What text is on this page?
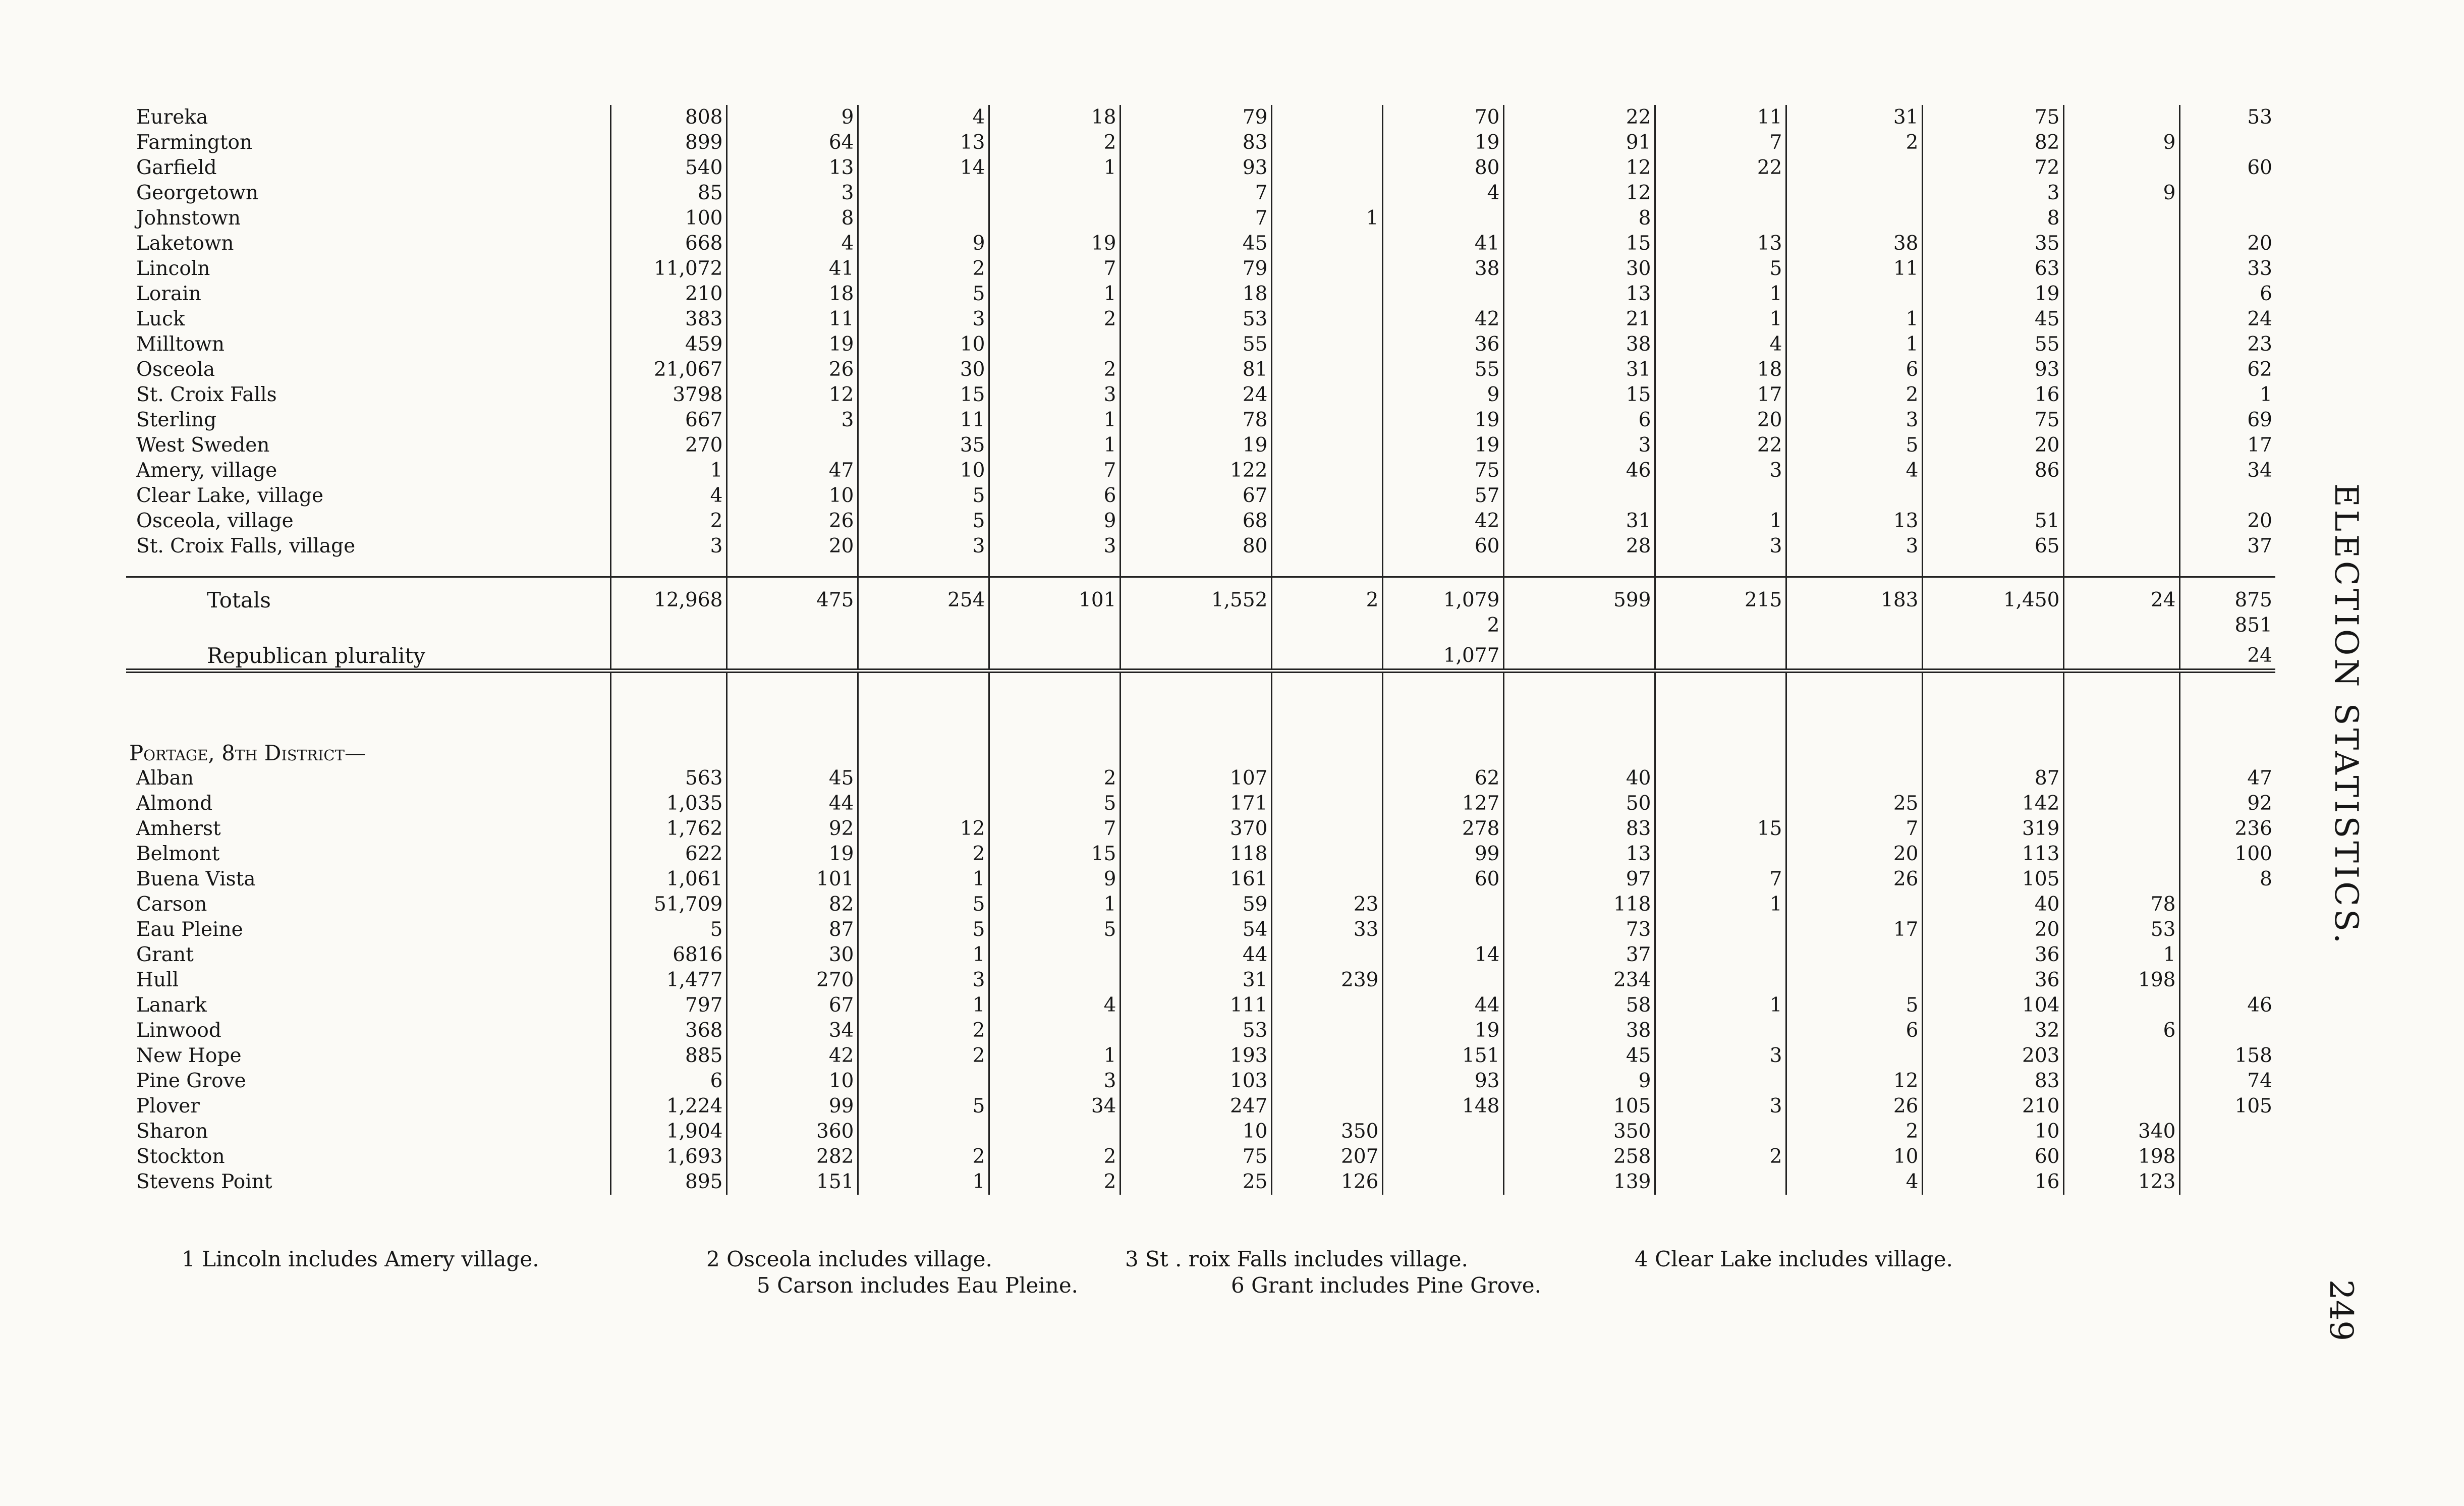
Eureka	808	9	4	18	79		70	22	11	31	75		53
Farmington	899	64	13	2	83		19	91	7	2	82	9	
Garfield	540	13	14	1	93		80	12	22		72		60
Georgetown	85	3			7		4	12			3	9	
Johnstown	100	8			7	1		8			8		
Laketown	668	4	9	19	45		41	15	13	38	35		20
Lincoln	11,072	41	2	7	79		38	30	5	11	63		33
Lorain	210	18	5	1	18			13	1		19		6
Luck	383	11	3	2	53		42	21	1	1	45		24
Milltown	459	19	10		55		36	38	4	1	55		23
Osceola	21,067	26	30	2	81		55	31	18	6	93		62
St. Croix Falls	3798	12	15	3	24		9	15	17	2	16		1
Sterling	667	3	11	1	78		19	6	20	3	75		69
West Sweden	270		35	1	19		19	3	22	5	20		17
Amery, village	1	47	10	7	122		75	46	3	4	86		34
Clear Lake, village	4	10	5	6	67		57						
Osceola, village	2	26	5	9	68		42	31	1	13	51		20
St. Croix Falls, village	3	20	3	3	80		60	28	3	3	65		37

Totals	12,968	475	254	101	1,552	2	1,079	599	215	183	1,450	24	875
							2						851
Republican plurality							1,077						24

Portage, 8th District—													
Alban	563	45		2	107		62	40			87		47
Almond	1,035	44		5	171		127	50		25	142		92
Amherst	1,762	92	12	7	370		278	83	15	7	319		236
Belmont	622	19	2	15	118		99	13		20	113		100
Buena Vista	1,061	101	1	9	161		60	97	7	26	105		8
Carson	51,709	82	5	1	59	23		118	1		40	78	
Eau Pleine	5	87	5	5	54	33		73		17	20	53	
Grant	6816	30	1		44		14	37			36	1	
Hull	1,477	270	3		31	239		234			36	198	
Lanark	797	67	1	4	111		44	58	1	5	104		46
Linwood	368	34	2		53		19	38		6	32	6	
New Hope	885	42	2	1	193		151	45	3		203		158
Pine Grove	6	10		3	103		93	9		12	83		74
Plover	1,224	99	5	34	247		148	105	3	26	210		105
Sharon	1,904	360			10	350		350		2	10	340	
Stockton	1,693	282	2	2	75	207		258	2	10	60	198	
Stevens Point	895	151	1	2	25	126		139		4	16	123	
1 Lincoln includes Amery village.	2 Osceola includes village.	3 St . roix Falls includes village.	4 Clear Lake includes village.
5 Carson includes Eau Pleine.	6 Grant includes Pine Grove.
ELECTION STATISTICS.
249
